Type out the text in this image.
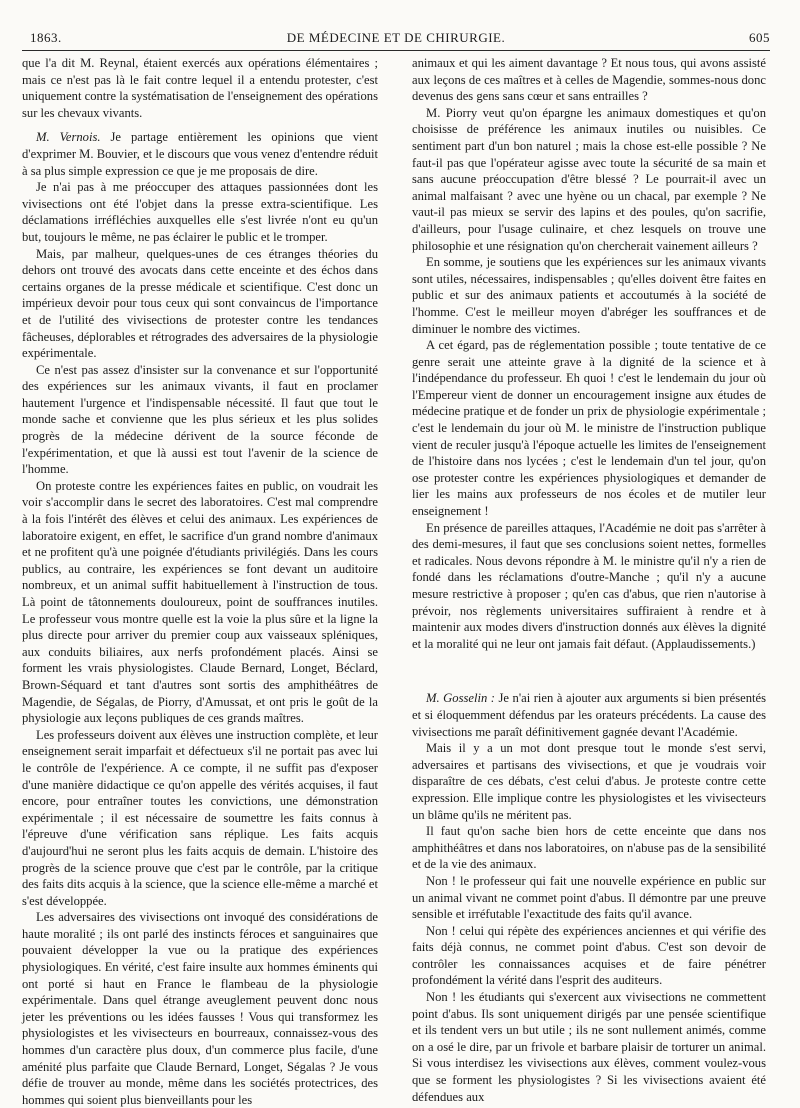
1863.	DE MÉDECINE ET DE CHIRURGIE.	605

que l'a dit M. Reynal, étaient exercés aux opérations élémentaires ; mais ce n'est pas là le fait contre lequel il a entendu protester, c'est uniquement contre la systématisation de l'enseignement des opérations sur les chevaux vivants.

M. Vernois. Je partage entièrement les opinions que vient d'exprimer M. Bouvier, et le discours que vous venez d'entendre réduit à sa plus simple expression ce que je me proposais de dire.

Je n'ai pas à me préoccuper des attaques passionnées dont les vivisections ont été l'objet dans la presse extra-scientifique. Les déclamations irréfléchies auxquelles elle s'est livrée n'ont eu qu'un but, toujours le même, ne pas éclairer le public et le tromper.

Mais, par malheur, quelques-unes de ces étranges théories du dehors ont trouvé des avocats dans cette enceinte et des échos dans certains organes de la presse médicale et scientifique. C'est donc un impérieux devoir pour tous ceux qui sont convaincus de l'importance et de l'utilité des vivisections de protester contre les tendances fâcheuses, déplorables et rétrogrades des adversaires de la physiologie expérimentale.

Ce n'est pas assez d'insister sur la convenance et sur l'opportunité des expériences sur les animaux vivants, il faut en proclamer hautement l'urgence et l'indispensable nécessité. Il faut que tout le monde sache et convienne que les plus sérieux et les plus solides progrès de la médecine dérivent de la source féconde de l'expérimentation, et que là aussi est tout l'avenir de la science de l'homme.

On proteste contre les expériences faites en public, on voudrait les voir s'accomplir dans le secret des laboratoires. C'est mal comprendre à la fois l'intérêt des élèves et celui des animaux. Les expériences de laboratoire exigent, en effet, le sacrifice d'un grand nombre d'animaux et ne profitent qu'à une poignée d'étudiants privilégiés. Dans les cours publics, au contraire, les expériences se font devant un auditoire nombreux, et un animal suffit habituellement à l'instruction de tous. Là point de tâtonnements douloureux, point de souffrances inutiles. Le professeur vous montre quelle est la voie la plus sûre et la ligne la plus directe pour arriver du premier coup aux vaisseaux spléniques, aux conduits biliaires, aux nerfs profondément placés. Ainsi se forment les vrais physiologistes. Claude Bernard, Longet, Béclard, Brown-Séquard et tant d'autres sont sortis des amphithéâtres de Magendie, de Ségalas, de Piorry, d'Amussat, et ont pris le goût de la physiologie aux leçons publiques de ces grands maîtres.

Les professeurs doivent aux élèves une instruction complète, et leur enseignement serait imparfait et défectueux s'il ne portait pas avec lui le contrôle de l'expérience. A ce compte, il ne suffit pas d'exposer d'une manière didactique ce qu'on appelle des vérités acquises, il faut encore, pour entraîner toutes les convictions, une démonstration expérimentale ; il est nécessaire de soumettre les faits connus à l'épreuve d'une vérification sans réplique. Les faits acquis d'aujourd'hui ne seront plus les faits acquis de demain. L'histoire des progrès de la science prouve que c'est par le contrôle, par la critique des faits dits acquis à la science, que la science elle-même a marché et s'est développée.

Les adversaires des vivisections ont invoqué des considérations de haute moralité ; ils ont parlé des instincts féroces et sanguinaires que pouvaient développer la vue ou la pratique des expériences physiologiques. En vérité, c'est faire insulte aux hommes éminents qui ont porté si haut en France le flambeau de la physiologie expérimentale. Dans quel étrange aveuglement peuvent donc nous jeter les préventions ou les idées fausses ! Vous qui transformez les physiologistes et les vivisecteurs en bourreaux, connaissez-vous des hommes d'un caractère plus doux, d'un commerce plus facile, d'une aménité plus parfaite que Claude Bernard, Longet, Ségalas ? Je vous défie de trouver au monde, même dans les sociétés protectrices, des hommes qui soient plus bienveillants pour les

animaux et qui les aiment davantage ? Et nous tous, qui avons assisté aux leçons de ces maîtres et à celles de Magendie, sommes-nous donc devenus des gens sans cœur et sans entrailles ?

M. Piorry veut qu'on épargne les animaux domestiques et qu'on choisisse de préférence les animaux inutiles ou nuisibles. Ce sentiment part d'un bon naturel ; mais la chose est-elle possible ? Ne faut-il pas que l'opérateur agisse avec toute la sécurité de sa main et sans aucune préoccupation d'être blessé ? Le pourrait-il avec un animal malfaisant ? avec une hyène ou un chacal, par exemple ? Ne vaut-il pas mieux se servir des lapins et des poules, qu'on sacrifie, d'ailleurs, pour l'usage culinaire, et chez lesquels on trouve une philosophie et une résignation qu'on chercherait vainement ailleurs ?

En somme, je soutiens que les expériences sur les animaux vivants sont utiles, nécessaires, indispensables ; qu'elles doivent être faites en public et sur des animaux patients et accoutumés à la société de l'homme. C'est le meilleur moyen d'abréger les souffrances et de diminuer le nombre des victimes.

A cet égard, pas de réglementation possible ; toute tentative de ce genre serait une atteinte grave à la dignité de la science et à l'indépendance du professeur. Eh quoi ! c'est le lendemain du jour où l'Empereur vient de donner un encouragement insigne aux études de médecine pratique et de fonder un prix de physiologie expérimentale ; c'est le lendemain du jour où M. le ministre de l'instruction publique vient de reculer jusqu'à l'époque actuelle les limites de l'enseignement de l'histoire dans nos lycées ; c'est le lendemain d'un tel jour, qu'on ose protester contre les expériences physiologiques et demander de lier les mains aux professeurs de nos écoles et de mutiler leur enseignement !

En présence de pareilles attaques, l'Académie ne doit pas s'arrêter à des demi-mesures, il faut que ses conclusions soient nettes, formelles et radicales. Nous devons répondre à M. le ministre qu'il n'y a rien de fondé dans les réclamations d'outre-Manche ; qu'il n'y a aucune mesure restrictive à proposer ; qu'en cas d'abus, que rien n'autorise à prévoir, nos règlements universitaires suffiraient à rendre et à maintenir aux modes divers d'instruction donnés aux élèves la dignité et la moralité qui ne leur ont jamais fait défaut. (Applaudissements.)

M. Gosselin : Je n'ai rien à ajouter aux arguments si bien présentés et si éloquemment défendus par les orateurs précédents. La cause des vivisections me paraît définitivement gagnée devant l'Académie.

Mais il y a un mot dont presque tout le monde s'est servi, adversaires et partisans des vivisections, et que je voudrais voir disparaître de ces débats, c'est celui d'abus. Je proteste contre cette expression. Elle implique contre les physiologistes et les vivisecteurs un blâme qu'ils ne méritent pas.

Il faut qu'on sache bien hors de cette enceinte que dans nos amphithéâtres et dans nos laboratoires, on n'abuse pas de la sensibilité et de la vie des animaux.

Non ! le professeur qui fait une nouvelle expérience en public sur un animal vivant ne commet point d'abus. Il démontre par une preuve sensible et irréfutable l'exactitude des faits qu'il avance.

Non ! celui qui répète des expériences anciennes et qui vérifie des faits déjà connus, ne commet point d'abus. C'est son devoir de contrôler les connaissances acquises et de faire pénétrer profondément la vérité dans l'esprit des auditeurs.

Non ! les étudiants qui s'exercent aux vivisections ne commettent point d'abus. Ils sont uniquement dirigés par une pensée scientifique et ils tendent vers un but utile ; ils ne sont nullement animés, comme on a osé le dire, par un frivole et barbare plaisir de torturer un animal. Si vous interdisez les vivisections aux élèves, comment voulez-vous que se forment les physiologistes ? Si les vivisections avaient été défendues aux
